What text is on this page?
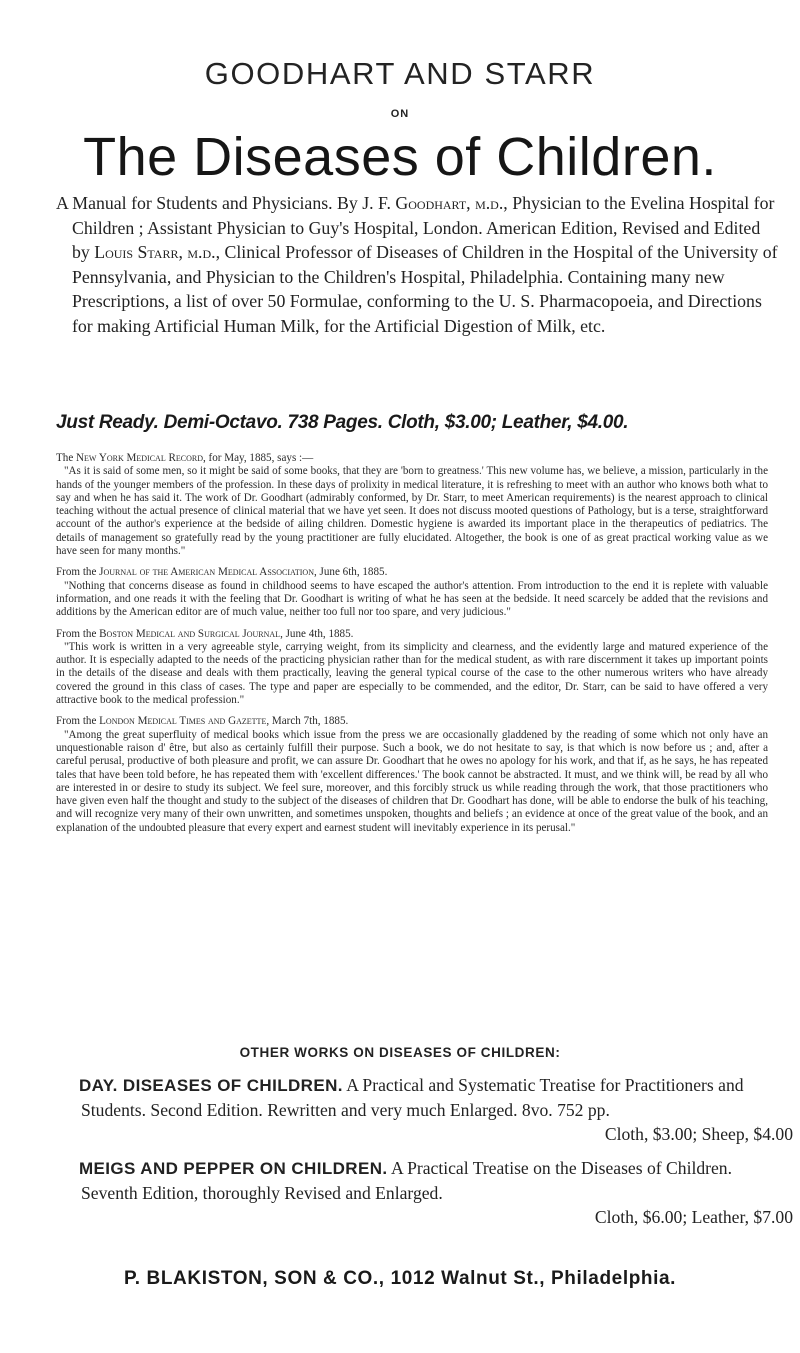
GOODHART AND STARR
ON
The Diseases of Children.
A Manual for Students and Physicians. By J. F. Goodhart, m.d., Physician to the Evelina Hospital for Children ; Assistant Physician to Guy's Hospital, London. American Edition, Revised and Edited by Louis Starr, m.d., Clinical Professor of Diseases of Children in the Hospital of the University of Pennsylvania, and Physician to the Children's Hospital, Philadelphia. Containing many new Prescriptions, a list of over 50 Formulae, conforming to the U. S. Pharmacopoeia, and Directions for making Artificial Human Milk, for the Artificial Digestion of Milk, etc.
Just Ready. Demi-Octavo. 738 Pages. Cloth, $3.00; Leather, $4.00.
The New York Medical Record, for May, 1885, says :—
"As it is said of some men, so it might be said of some books, that they are 'born to greatness.' This new volume has, we believe, a mission, particularly in the hands of the younger members of the profession. In these days of prolixity in medical literature, it is refreshing to meet with an author who knows both what to say and when he has said it. The work of Dr. Goodhart (admirably conformed, by Dr. Starr, to meet American requirements) is the nearest approach to clinical teaching without the actual presence of clinical material that we have yet seen. It does not discuss mooted questions of Pathology, but is a terse, straightforward account of the author's experience at the bedside of ailing children. Domestic hygiene is awarded its important place in the therapeutics of pediatrics. The details of management so gratefully read by the young practitioner are fully elucidated. Altogether, the book is one of as great practical working value as we have seen for many months."
From the Journal of the American Medical Association, June 6th, 1885.
"Nothing that concerns disease as found in childhood seems to have escaped the author's attention. From introduction to the end it is replete with valuable information, and one reads it with the feeling that Dr. Goodhart is writing of what he has seen at the bedside. It need scarcely be added that the revisions and additions by the American editor are of much value, neither too full nor too spare, and very judicious."
From the Boston Medical and Surgical Journal, June 4th, 1885.
"This work is written in a very agreeable style, carrying weight, from its simplicity and clearness, and the evidently large and matured experience of the author. It is especially adapted to the needs of the practicing physician rather than for the medical student, as with rare discernment it takes up important points in the details of the disease and deals with them practically, leaving the general typical course of the case to the other numerous writers who have already covered the ground in this class of cases. The type and paper are especially to be commended, and the editor, Dr. Starr, can be said to have offered a very attractive book to the medical profession."
From the London Medical Times and Gazette, March 7th, 1885.
"Among the great superfluity of medical books which issue from the press we are occasionally gladdened by the reading of some which not only have an unquestionable raison d' être, but also as certainly fulfill their purpose. Such a book, we do not hesitate to say, is that which is now before us ; and, after a careful perusal, productive of both pleasure and profit, we can assure Dr. Goodhart that he owes no apology for his work, and that if, as he says, he has repeated tales that have been told before, he has repeated them with 'excellent differences.' The book cannot be abstracted. It must, and we think will, be read by all who are interested in or desire to study its subject. We feel sure, moreover, and this forcibly struck us while reading through the work, that those practitioners who have given even half the thought and study to the subject of the diseases of children that Dr. Goodhart has done, will be able to endorse the bulk of his teaching, and will recognize very many of their own unwritten, and sometimes unspoken, thoughts and beliefs ; an evidence at once of the great value of the book, and an explanation of the undoubted pleasure that every expert and earnest student will inevitably experience in its perusal."
OTHER WORKS ON DISEASES OF CHILDREN:
DAY. DISEASES OF CHILDREN. A Practical and Systematic Treatise for Practitioners and Students. Second Edition. Rewritten and very much Enlarged. 8vo. 752 pp.
Cloth, $3.00; Sheep, $4.00
MEIGS AND PEPPER ON CHILDREN. A Practical Treatise on the Diseases of Children. Seventh Edition, thoroughly Revised and Enlarged.
Cloth, $6.00; Leather, $7.00
P. BLAKISTON, SON & CO., 1012 Walnut St., Philadelphia.
